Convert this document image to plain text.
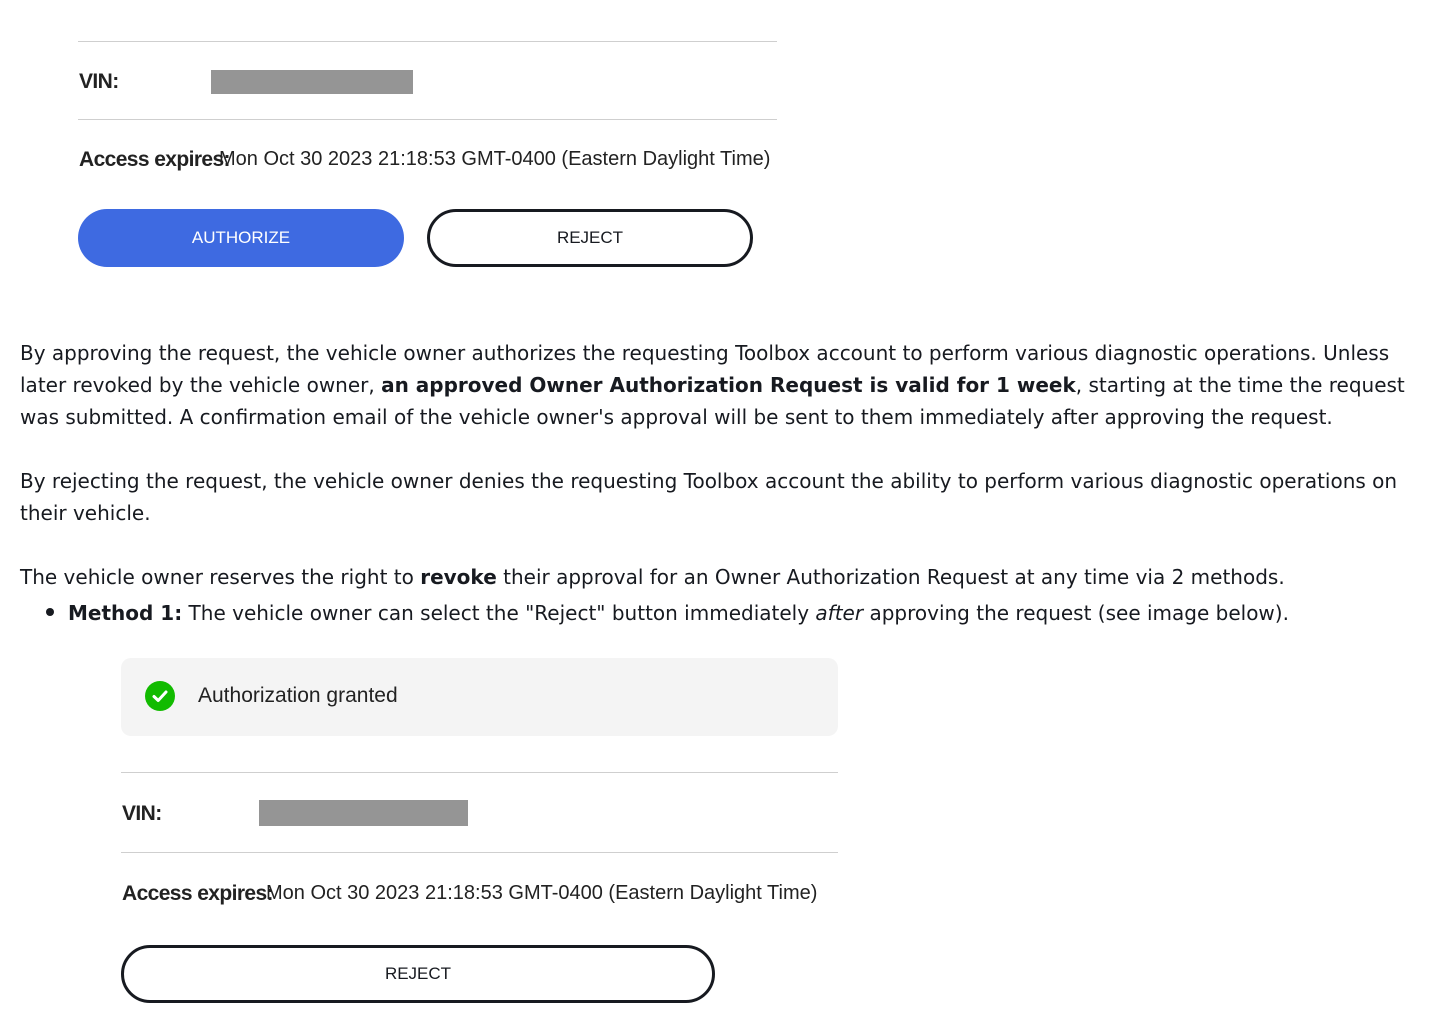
VIN:
Access expires:
Mon Oct 30 2023 21:18:53 GMT-0400 (Eastern Daylight Time)
AUTHORIZE	REJECT
By approving the request, the vehicle owner authorizes the requesting Toolbox account to perform various diagnostic operations. Unless later revoked by the vehicle owner, an approved Owner Authorization Request is valid for 1 week, starting at the time the request was submitted. A confirmation email of the vehicle owner's approval will be sent to them immediately after approving the request.
By rejecting the request, the vehicle owner denies the requesting Toolbox account the ability to perform various diagnostic operations on their vehicle.
The vehicle owner reserves the right to revoke their approval for an Owner Authorization Request at any time via 2 methods.
Method 1: The vehicle owner can select the "Reject" button immediately after approving the request (see image below).
Authorization granted
VIN:
Access expires:
Mon Oct 30 2023 21:18:53 GMT-0400 (Eastern Daylight Time)
REJECT
